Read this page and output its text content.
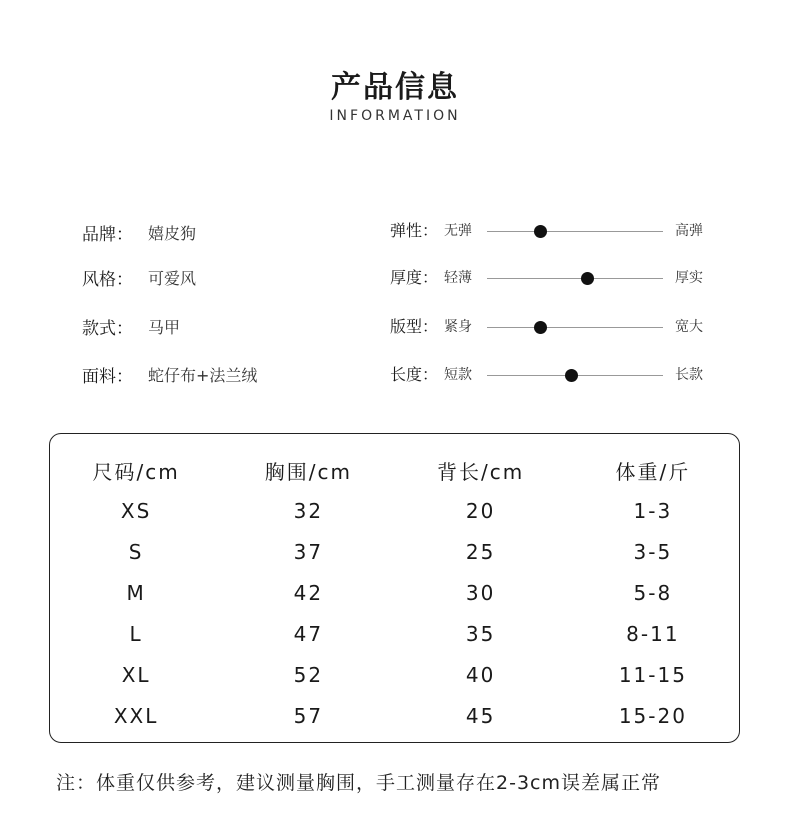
产品信息
INFORMATION
品牌： 嬉皮狗
风格： 可爱风
款式： 马甲
面料： 蛇仔布+法兰绒
弹性： 无弹	高弹
厚度： 轻薄	厚实
版型： 紧身	宽大
长度： 短款	长款
尺码/cm	胸围/cm	背长/cm	体重/斤
XS	32	20	1-3
S	37	25	3-5
M	42	30	5-8
L	47	35	8-11
XL	52	40	11-15
XXL	57	45	15-20
注：体重仅供参考，建议测量胸围，手工测量存在2-3cm误差属正常
